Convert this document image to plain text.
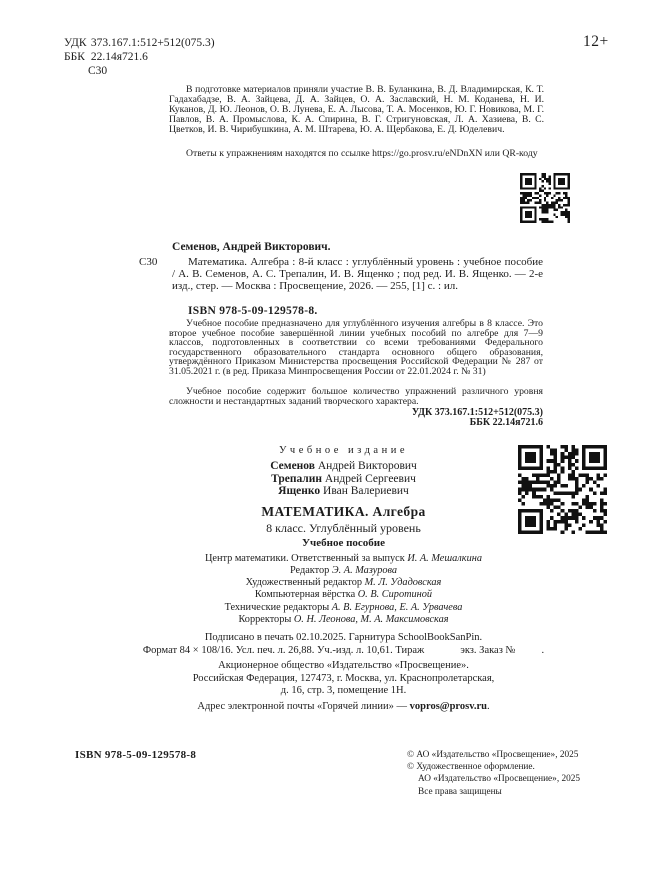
УДК 373.167.1:512+512(075.3)
ББК 22.14я721.6
С30
12+

В подготовке материалов приняли участие В. В. Буланкина, В. Д. Владимирская, К. Т. Гадахабадзе, В. А. Зайцева, Д. А. Зайцев, О. А. Заславский, Н. М. Коданева, Н. И. Куканов, Д. Ю. Леонов, О. В. Лунева, Е. А. Лысова, Т. А. Мосенков, Ю. Г. Новикова, М. Г. Павлов, В. А. Промыслова, К. А. Спирина, В. Г. Стригуновская, Л. А. Хазиева, В. С. Цветков, И. В. Чирибушкина, А. М. Штарева, Ю. А. Щербакова, Е. Д. Юделевич.

Ответы к упражнениям находятся по ссылке https://go.prosv.ru/eNDnXN или QR-коду

Семенов, Андрей Викторович.

С30	Математика. Алгебра : 8-й класс : углублённый уровень : учебное пособие / А. В. Семенов, А. С. Трепалин, И. В. Ященко ; под ред. И. В. Ященко. — 2-е изд., стер. — Москва : Просвещение, 2026. — 255, [1] с. : ил.

ISBN 978-5-09-129578-8.

Учебное пособие предназначено для углублённого изучения алгебры в 8 классе. Это второе учебное пособие завершённой линии учебных пособий по алгебре для 7—9 классов, подготовленных в соответствии со всеми требованиями Федерального государственного образовательного стандарта основного общего образования, утверждённого Приказом Министерства просвещения Российской Федерации № 287 от 31.05.2021 г. (в ред. Приказа Минпросвещения России от 22.01.2024 г. № 31)

Учебное пособие содержит большое количество упражнений различного уровня сложности и нестандартных заданий творческого характера.

УДК 373.167.1:512+512(075.3)
ББК 22.14я721.6

Учебное издание

Семенов Андрей Викторович
Трепалин Андрей Сергеевич
Ященко Иван Валериевич

МАТЕМАТИКА. Алгебра

8 класс. Углублённый уровень

Учебное пособие

Центр математики. Ответственный за выпуск И. А. Мешалкина
Редактор Э. А. Мазурова
Художественный редактор М. Л. Удадовская
Компьютерная вёрстка О. В. Сиротиной
Технические редакторы А. В. Егурнова, Е. А. Урвачева
Корректоры О. Н. Леонова, М. А. Максимовская

Подписано в печать 02.10.2025. Гарнитура SchoolBookSanPin.

Формат 84 × 108/16. Усл. печ. л. 26,88. Уч.-изд. л. 10,61. Тираж	экз. Заказ № .

Акционерное общество «Издательство «Просвещение».
Российская Федерация, 127473, г. Москва, ул. Краснопролетарская,
д. 16, стр. 3, помещение 1Н.

Адрес электронной почты «Горячей линии» — vopros@prosv.ru.

ISBN 978-5-09-129578-8	© АО «Издательство «Просвещение», 2025
© Художественное оформление.
АО «Издательство «Просвещение», 2025
Все права защищены
